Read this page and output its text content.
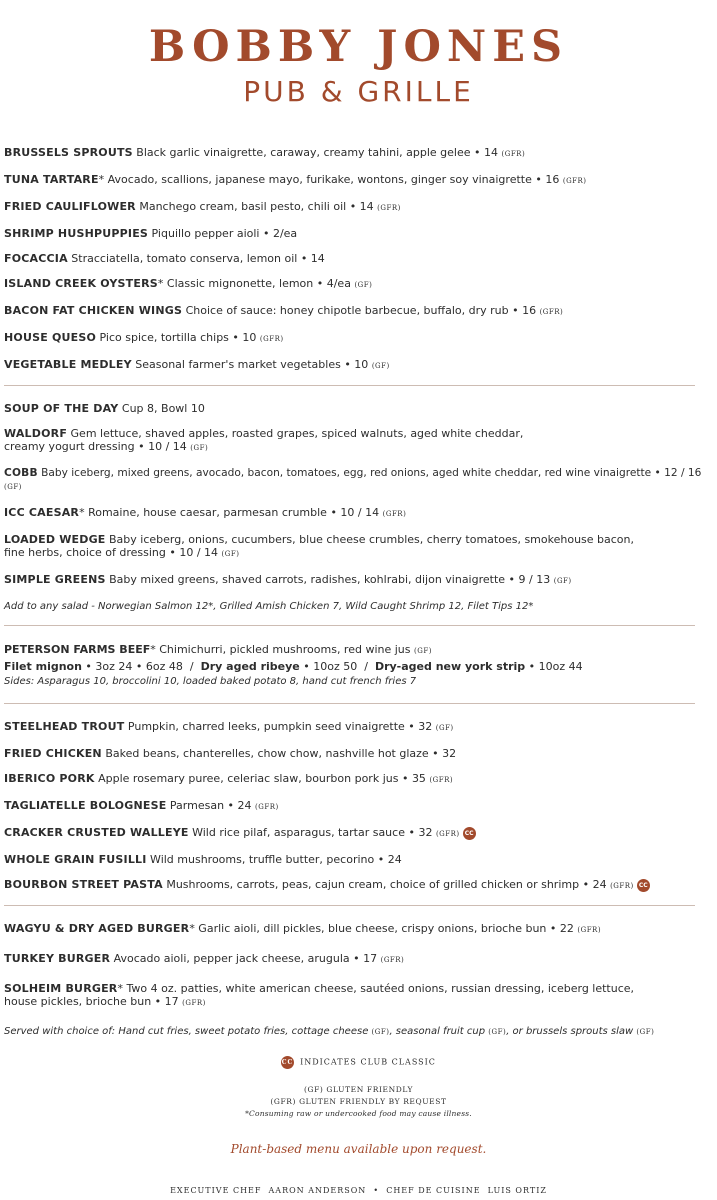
BOBBY JONES
PUB & GRILLE
BRUSSELS SPROUTS Black garlic vinaigrette, caraway, creamy tahini, apple gelee • 14 (GFR)
TUNA TARTARE* Avocado, scallions, japanese mayo, furikake, wontons, ginger soy vinaigrette • 16 (GFR)
FRIED CAULIFLOWER Manchego cream, basil pesto, chili oil • 14 (GFR)
SHRIMP HUSHPUPPIES Piquillo pepper aioli • 2/ea
FOCACCIA Stracciatella, tomato conserva, lemon oil • 14
ISLAND CREEK OYSTERS* Classic mignonette, lemon • 4/ea (GF)
BACON FAT CHICKEN WINGS Choice of sauce: honey chipotle barbecue, buffalo, dry rub • 16 (GFR)
HOUSE QUESO Pico spice, tortilla chips • 10 (GFR)
VEGETABLE MEDLEY Seasonal farmer's market vegetables • 10 (GF)
SOUP OF THE DAY Cup 8, Bowl 10
WALDORF Gem lettuce, shaved apples, roasted grapes, spiced walnuts, aged white cheddar,
creamy yogurt dressing • 10 / 14 (GF)
COBB Baby iceberg, mixed greens, avocado, bacon, tomatoes, egg, red onions, aged white cheddar, red wine vinaigrette • 12 / 16 (GF)
ICC CAESAR* Romaine, house caesar, parmesan crumble • 10 / 14 (GFR)
LOADED WEDGE Baby iceberg, onions, cucumbers, blue cheese crumbles, cherry tomatoes, smokehouse bacon,
fine herbs, choice of dressing • 10 / 14 (GF)
SIMPLE GREENS Baby mixed greens, shaved carrots, radishes, kohlrabi, dijon vinaigrette • 9 / 13 (GF)
Add to any salad - Norwegian Salmon 12*, Grilled Amish Chicken 7, Wild Caught Shrimp 12, Filet Tips 12*
PETERSON FARMS BEEF* Chimichurri, pickled mushrooms, red wine jus (GF)
Filet mignon • 3oz 24 • 6oz 48  /  Dry aged ribeye • 10oz 50  /  Dry-aged new york strip • 10oz 44
Sides: Asparagus 10, broccolini 10, loaded baked potato 8, hand cut french fries 7
STEELHEAD TROUT Pumpkin, charred leeks, pumpkin seed vinaigrette • 32 (GF)
FRIED CHICKEN Baked beans, chanterelles, chow chow, nashville hot glaze • 32
IBERICO PORK Apple rosemary puree, celeriac slaw, bourbon pork jus • 35 (GFR)
TAGLIATELLE BOLOGNESE Parmesan • 24 (GFR)
CRACKER CRUSTED WALLEYE Wild rice pilaf, asparagus, tartar sauce • 32 (GFR) CC
WHOLE GRAIN FUSILLI Wild mushrooms, truffle butter, pecorino • 24
BOURBON STREET PASTA Mushrooms, carrots, peas, cajun cream, choice of grilled chicken or shrimp • 24 (GFR) CC
WAGYU & DRY AGED BURGER* Garlic aioli, dill pickles, blue cheese, crispy onions, brioche bun • 22 (GFR)
TURKEY BURGER Avocado aioli, pepper jack cheese, arugula • 17 (GFR)
SOLHEIM BURGER* Two 4 oz. patties, white american cheese, sautéed onions, russian dressing, iceberg lettuce,
house pickles, brioche bun • 17 (GFR)
Served with choice of: Hand cut fries, sweet potato fries, cottage cheese (GF), seasonal fruit cup (GF), or brussels sprouts slaw (GF)
CC INDICATES CLUB CLASSIC
(GF) GLUTEN FRIENDLY
(GFR) GLUTEN FRIENDLY BY REQUEST
*Consuming raw or undercooked food may cause illness.
Plant-based menu available upon request.
EXECUTIVE CHEF  AARON ANDERSON  •  CHEF DE CUISINE  LUIS ORTIZ
